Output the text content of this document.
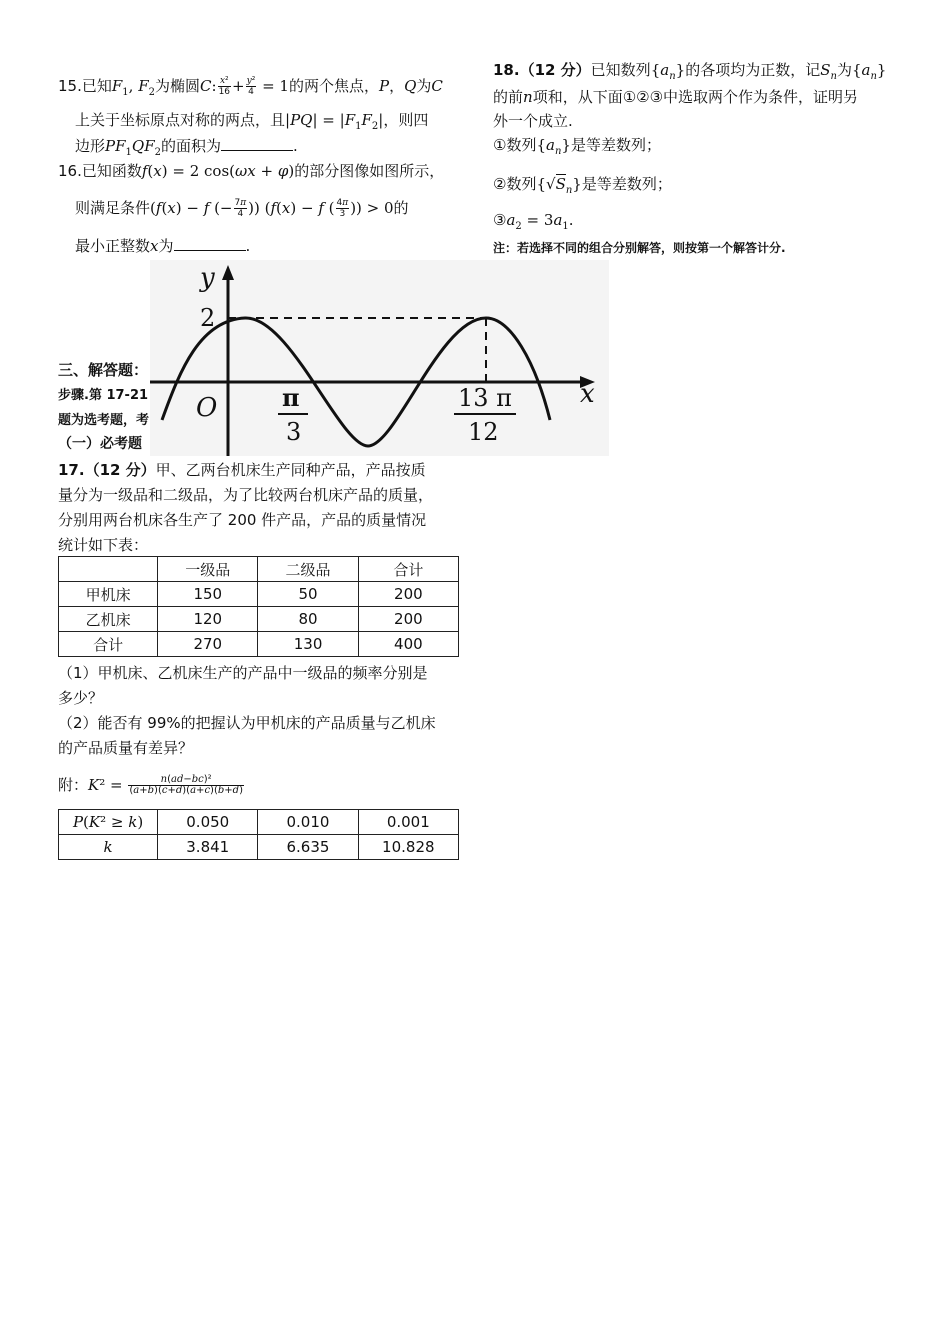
15.已知$F_1$, $F_2$为椭圆C: $\frac{\text{x²}}{16} + \frac{\text{y²}}{4} = 1$的两个焦点，P，Q为C
上关于坐标原点对称的两点，且$|PQ| = |F_1F_2|$，则四
边形$PF_1QF_2$的面积为	.
16.已知函数f(x) = 2 cos(ωx + φ)的部分图像如图所示，
则满足条件(f(x) − f (− $\frac{7\pi}{4}$ )) (f(x) − f ( $\frac{4\pi}{3}$ )) > 0的
最小正整数x为	.
三、解答题：
步骤.第 17-21
题为选考题，考
（一）必考题
y
x
O
2
π
3
13 π
12
17.（12 分）甲、乙两台机床生产同种产品，产品按质
量分为一级品和二级品，为了比较两台机床产品的质量，
分别用两台机床各生产了 200 件产品，产品的质量情况
统计如下表：
	一级品	二级品	合计
甲机床	150	50	200
乙机床	120	80	200
合计	270	130	400
（1）甲机床、乙机床生产的产品中一级品的频率分别是
多少？
（2）能否有 99%的把握认为甲机床的产品质量与乙机床
的产品质量有差异？
附：$K^2 = \frac{\text{n(ad−bc)²}}{(a+b)(c+d)(a+c)(b+d)}$
P(K² ≥ k)	0.050	0.010	0.001
k	3.841	6.635	10.828
18.（12 分）已知数列$\{a_n\}$的各项均为正数，记$S_n$为$\{a_n\}$
的前n项和，从下面①②③中选取两个作为条件，证明另
外一个成立.
①数列$\{a_n\}$是等差数列；
②数列$\{√S_n\}$是等差数列；
$③a_2 = 3a_1$.
注：若选择不同的组合分别解答，则按第一个解答计分.
